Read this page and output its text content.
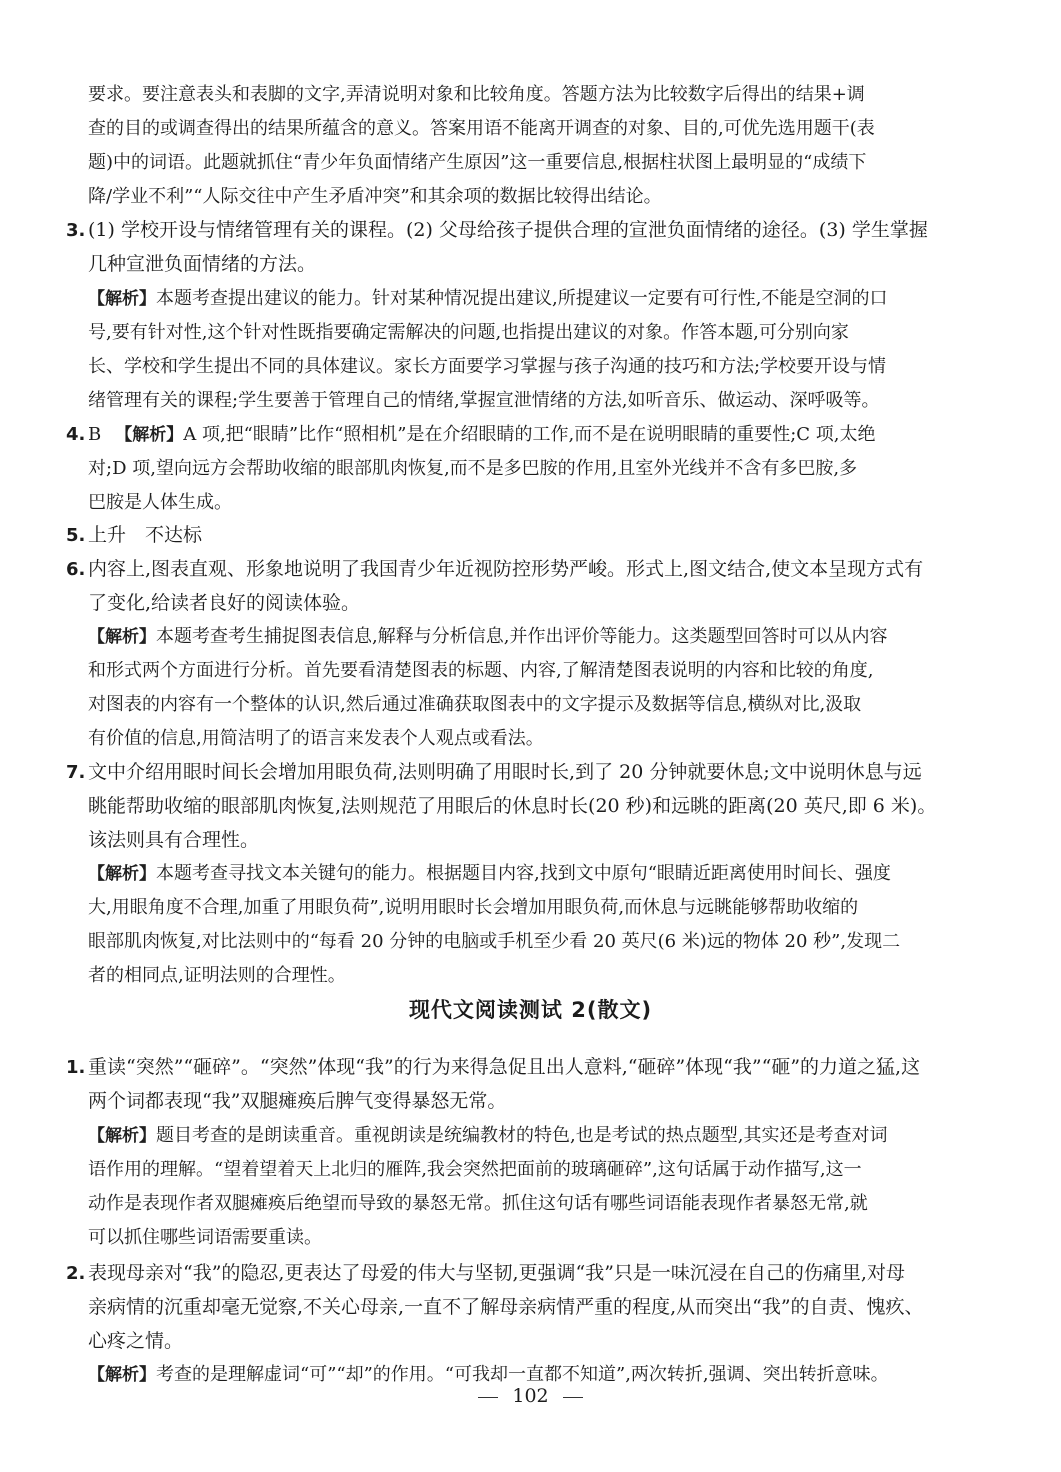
要求。要注意表头和表脚的文字,弄清说明对象和比较角度。答题方法为比较数字后得出的结果+调
查的目的或调查得出的结果所蕴含的意义。答案用语不能离开调查的对象、目的,可优先选用题干(表
题)中的词语。此题就抓住“青少年负面情绪产生原因”这一重要信息,根据柱状图上最明显的“成绩下
降/学业不利”“人际交往中产生矛盾冲突”和其余项的数据比较得出结论。
3. (1) 学校开设与情绪管理有关的课程。(2) 父母给孩子提供合理的宣泄负面情绪的途径。(3) 学生掌握
几种宣泄负面情绪的方法。
【解析】本题考查提出建议的能力。针对某种情况提出建议,所提建议一定要有可行性,不能是空洞的口
号,要有针对性,这个针对性既指要确定需解决的问题,也指提出建议的对象。作答本题,可分别向家
长、学校和学生提出不同的具体建议。家长方面要学习掌握与孩子沟通的技巧和方法;学校要开设与情
绪管理有关的课程;学生要善于管理自己的情绪,掌握宣泄情绪的方法,如听音乐、做运动、深呼吸等。
4. B 【解析】A 项,把“眼睛”比作“照相机”是在介绍眼睛的工作,而不是在说明眼睛的重要性;C 项,太绝
对;D 项,望向远方会帮助收缩的眼部肌肉恢复,而不是多巴胺的作用,且室外光线并不含有多巴胺,多
巴胺是人体生成。
5. 上升　不达标
6. 内容上,图表直观、形象地说明了我国青少年近视防控形势严峻。形式上,图文结合,使文本呈现方式有
了变化,给读者良好的阅读体验。
【解析】本题考查考生捕捉图表信息,解释与分析信息,并作出评价等能力。这类题型回答时可以从内容
和形式两个方面进行分析。首先要看清楚图表的标题、内容,了解清楚图表说明的内容和比较的角度,
对图表的内容有一个整体的认识,然后通过准确获取图表中的文字提示及数据等信息,横纵对比,汲取
有价值的信息,用简洁明了的语言来发表个人观点或看法。
7. 文中介绍用眼时间长会增加用眼负荷,法则明确了用眼时长,到了 20 分钟就要休息;文中说明休息与远
眺能帮助收缩的眼部肌肉恢复,法则规范了用眼后的休息时长(20 秒)和远眺的距离(20 英尺,即 6 米)。
该法则具有合理性。
【解析】本题考查寻找文本关键句的能力。根据题目内容,找到文中原句“眼睛近距离使用时间长、强度
大,用眼角度不合理,加重了用眼负荷”,说明用眼时长会增加用眼负荷,而休息与远眺能够帮助收缩的
眼部肌肉恢复,对比法则中的“每看 20 分钟的电脑或手机至少看 20 英尺(6 米)远的物体 20 秒”,发现二
者的相同点,证明法则的合理性。
1. 重读“突然”“砸碎”。“突然”体现“我”的行为来得急促且出人意料,“砸碎”体现“我”“砸”的力道之猛,这
两个词都表现“我”双腿瘫痪后脾气变得暴怒无常。
【解析】题目考查的是朗读重音。重视朗读是统编教材的特色,也是考试的热点题型,其实还是考查对词
语作用的理解。“望着望着天上北归的雁阵,我会突然把面前的玻璃砸碎”,这句话属于动作描写,这一
动作是表现作者双腿瘫痪后绝望而导致的暴怒无常。抓住这句话有哪些词语能表现作者暴怒无常,就
可以抓住哪些词语需要重读。
2. 表现母亲对“我”的隐忍,更表达了母爱的伟大与坚韧,更强调“我”只是一味沉浸在自己的伤痛里,对母
亲病情的沉重却毫无觉察,不关心母亲,一直不了解母亲病情严重的程度,从而突出“我”的自责、愧疚、
心疼之情。
【解析】考查的是理解虚词“可”“却”的作用。“可我却一直都不知道”,两次转折,强调、突出转折意味。
现代文阅读测试 2(散文)
102
